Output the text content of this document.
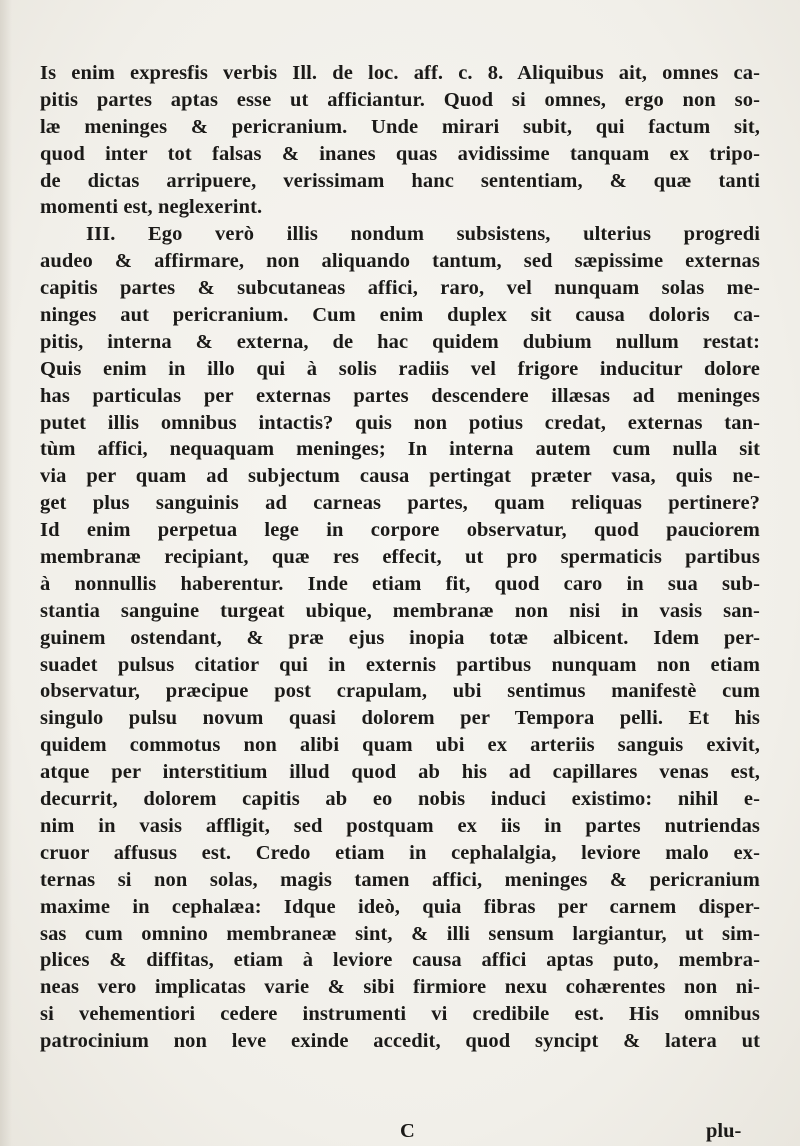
Is enim expresfis verbis Ill. de loc. aff. c. 8. Aliquibus ait, omnes ca-
pitis partes aptas esse ut afficiantur. Quod si omnes, ergo non so-
læ meninges & pericranium. Unde mirari subit, qui factum sit,
quod inter tot falsas & inanes quas avidissime tanquam ex tripo-
de dictas arripuere, verissimam hanc sententiam, & quæ tanti
momenti est, neglexerint.
III. Ego verò illis nondum subsistens, ulterius progredi
audeo & affirmare, non aliquando tantum, sed sæpissime externas
capitis partes & subcutaneas affici, raro, vel nunquam solas me-
ninges aut pericranium. Cum enim duplex sit causa doloris ca-
pitis, interna & externa, de hac quidem dubium nullum restat:
Quis enim in illo qui à solis radiis vel frigore inducitur dolore
has particulas per externas partes descendere illæsas ad meninges
putet illis omnibus intactis? quis non potius credat, externas tan-
tùm affici, nequaquam meninges; In interna autem cum nulla sit
via per quam ad subjectum causa pertingat præter vasa, quis ne-
get plus sanguinis ad carneas partes, quam reliquas pertinere?
Id enim perpetua lege in corpore observatur, quod pauciorem
membranæ recipiant, quæ res effecit, ut pro spermaticis partibus
à nonnullis haberentur. Inde etiam fit, quod caro in sua sub-
stantia sanguine turgeat ubique, membranæ non nisi in vasis san-
guinem ostendant, & præ ejus inopia totæ albicent. Idem per-
suadet pulsus citatior qui in externis partibus nunquam non etiam
observatur, præcipue post crapulam, ubi sentimus manifestè cum
singulo pulsu novum quasi dolorem per Tempora pelli. Et his
quidem commotus non alibi quam ubi ex arteriis sanguis exivit,
atque per interstitium illud quod ab his ad capillares venas est,
decurrit, dolorem capitis ab eo nobis induci existimo: nihil e-
nim in vasis affligit, sed postquam ex iis in partes nutriendas
cruor affusus est. Credo etiam in cephalalgia, leviore malo ex-
ternas si non solas, magis tamen affici, meninges & pericranium
maxime in cephalæa: Idque ideò, quia fibras per carnem disper-
sas cum omnino membraneæ sint, & illi sensum largiantur, ut sim-
plices & diffitas, etiam à leviore causa affici aptas puto, membra-
neas vero implicatas varie & sibi firmiore nexu cohærentes non ni-
si vehementiori cedere instrumenti vi credibile est. His omnibus
patrocinium non leve exinde accedit, quod syncipt & latera ut
C	plu-
